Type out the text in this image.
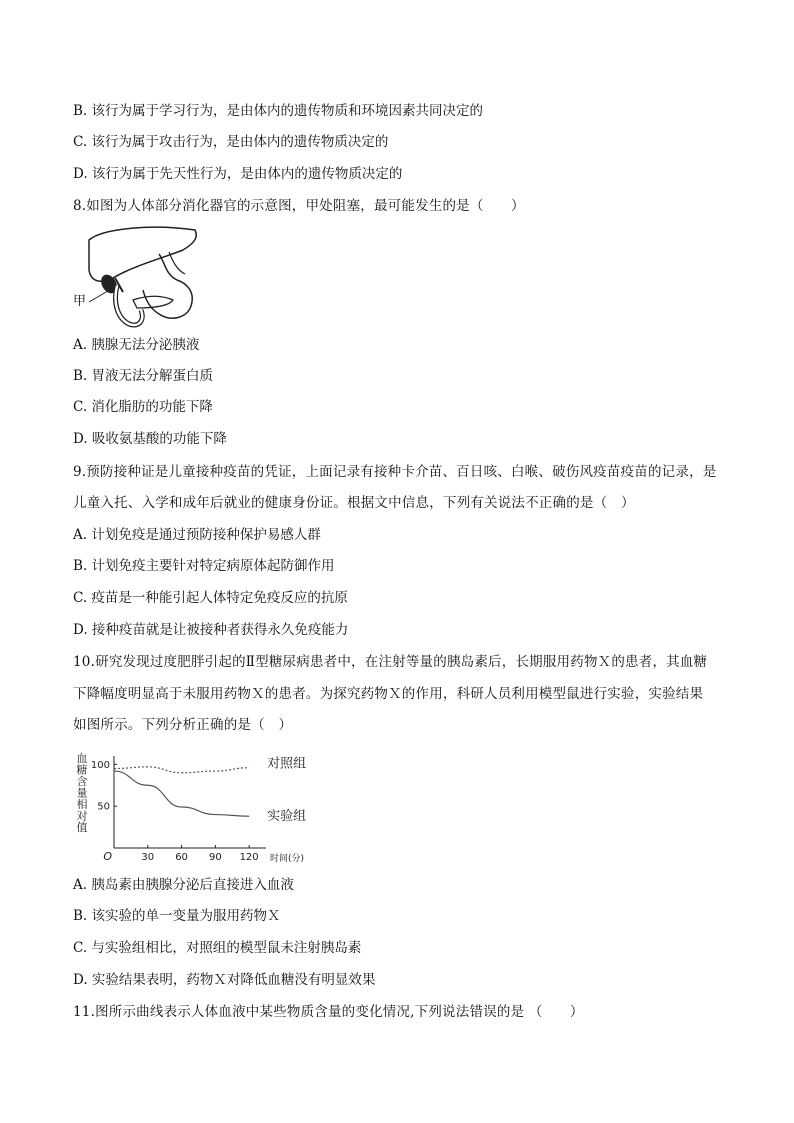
B. 该行为属于学习行为，是由体内的遗传物质和环境因素共同决定的
C. 该行为属于攻击行为，是由体内的遗传物质决定的
D. 该行为属于先天性行为，是由体内的遗传物质决定的
8.如图为人体部分消化器官的示意图，甲处阻塞，最可能发生的是（　　）
甲
A. 胰腺无法分泌胰液
B. 胃液无法分解蛋白质
C. 消化脂肪的功能下降
D. 吸收氨基酸的功能下降
9.预防接种证是儿童接种疫苗的凭证，上面记录有接种卡介苗、百日咳、白喉、破伤风疫苗疫苗的记录，是
儿童入托、入学和成年后就业的健康身份证。根据文中信息，下列有关说法不正确的是（　）
A. 计划免疫是通过预防接种保护易感人群
B. 计划免疫主要针对特定病原体起防御作用
C. 疫苗是一种能引起人体特定免疫反应的抗原
D. 接种疫苗就是让被接种者获得永久免疫能力
10.研究发现过度肥胖引起的Ⅱ型糖尿病患者中，在注射等量的胰岛素后，长期服用药物Ｘ的患者，其血糖
下降幅度明显高于未服用药物Ｘ的患者。为探究药物Ｘ的作用，科研人员利用模型鼠进行实验，实验结果
如图所示。下列分析正确的是（　）
血
糖
含
量
相
对
值
50
100
O	30 60 90 120 时间(分)
对照组
实验组
A. 胰岛素由胰腺分泌后直接进入血液
B. 该实验的单一变量为服用药物Ｘ
C. 与实验组相比，对照组的模型鼠未注射胰岛素
D. 实验结果表明，药物Ｘ对降低血糖没有明显效果
11.图所示曲线表示人体血液中某些物质含量的变化情况,下列说法错误的是 （　　）
